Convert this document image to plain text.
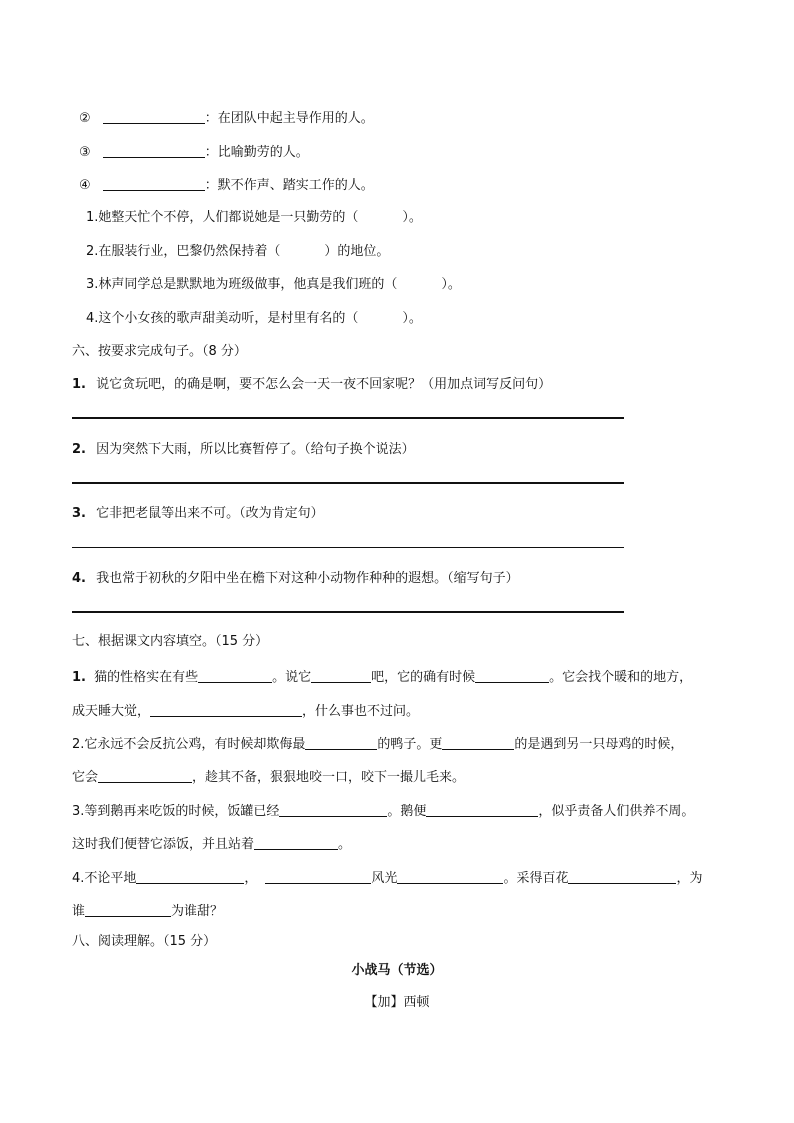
②	：在团队中起主导作用的人。
③	：比喻勤劳的人。
④	：默不作声、踏实工作的人。
1.她整天忙个不停，人们都说她是一只勤劳的（	）。
2.在服装行业，巴黎仍然保持着（	）的地位。
3.林声同学总是默默地为班级做事，他真是我们班的（	）。
4.这个小女孩的歌声甜美动听，是村里有名的（	）。
六、按要求完成句子。（8 分）
1. 说它贪玩吧，的确是啊，要不怎么会一天一夜不回家呢？（用加点词写反问句）
2. 因为突然下大雨，所以比赛暂停了。（给句子换个说法）
3. 它非把老鼠等出来不可。（改为肯定句）
4. 我也常于初秋的夕阳中坐在檐下对这种小动物作种种的遐想。（缩写句子）
七、根据课文内容填空。（15 分）
1. 猫的性格实在有些	。说它	吧，它的确有时候	。它会找个暖和的地方，
成天睡大觉，	，什么事也不过问。
2.它永远不会反抗公鸡，有时候却欺侮最	的鸭子。更	的是遇到另一只母鸡的时候，
它会	，趁其不备，狠狠地咬一口，咬下一撮儿毛来。
3.等到鹅再来吃饭的时候，饭罐已经	。鹅便	，似乎责备人们供养不周。
这时我们便替它添饭，并且站着	。
4.不论平地	，	风光	。采得百花	，为
谁	为谁甜？
八、阅读理解。（15 分）
小战马（节选）
【加】西顿
